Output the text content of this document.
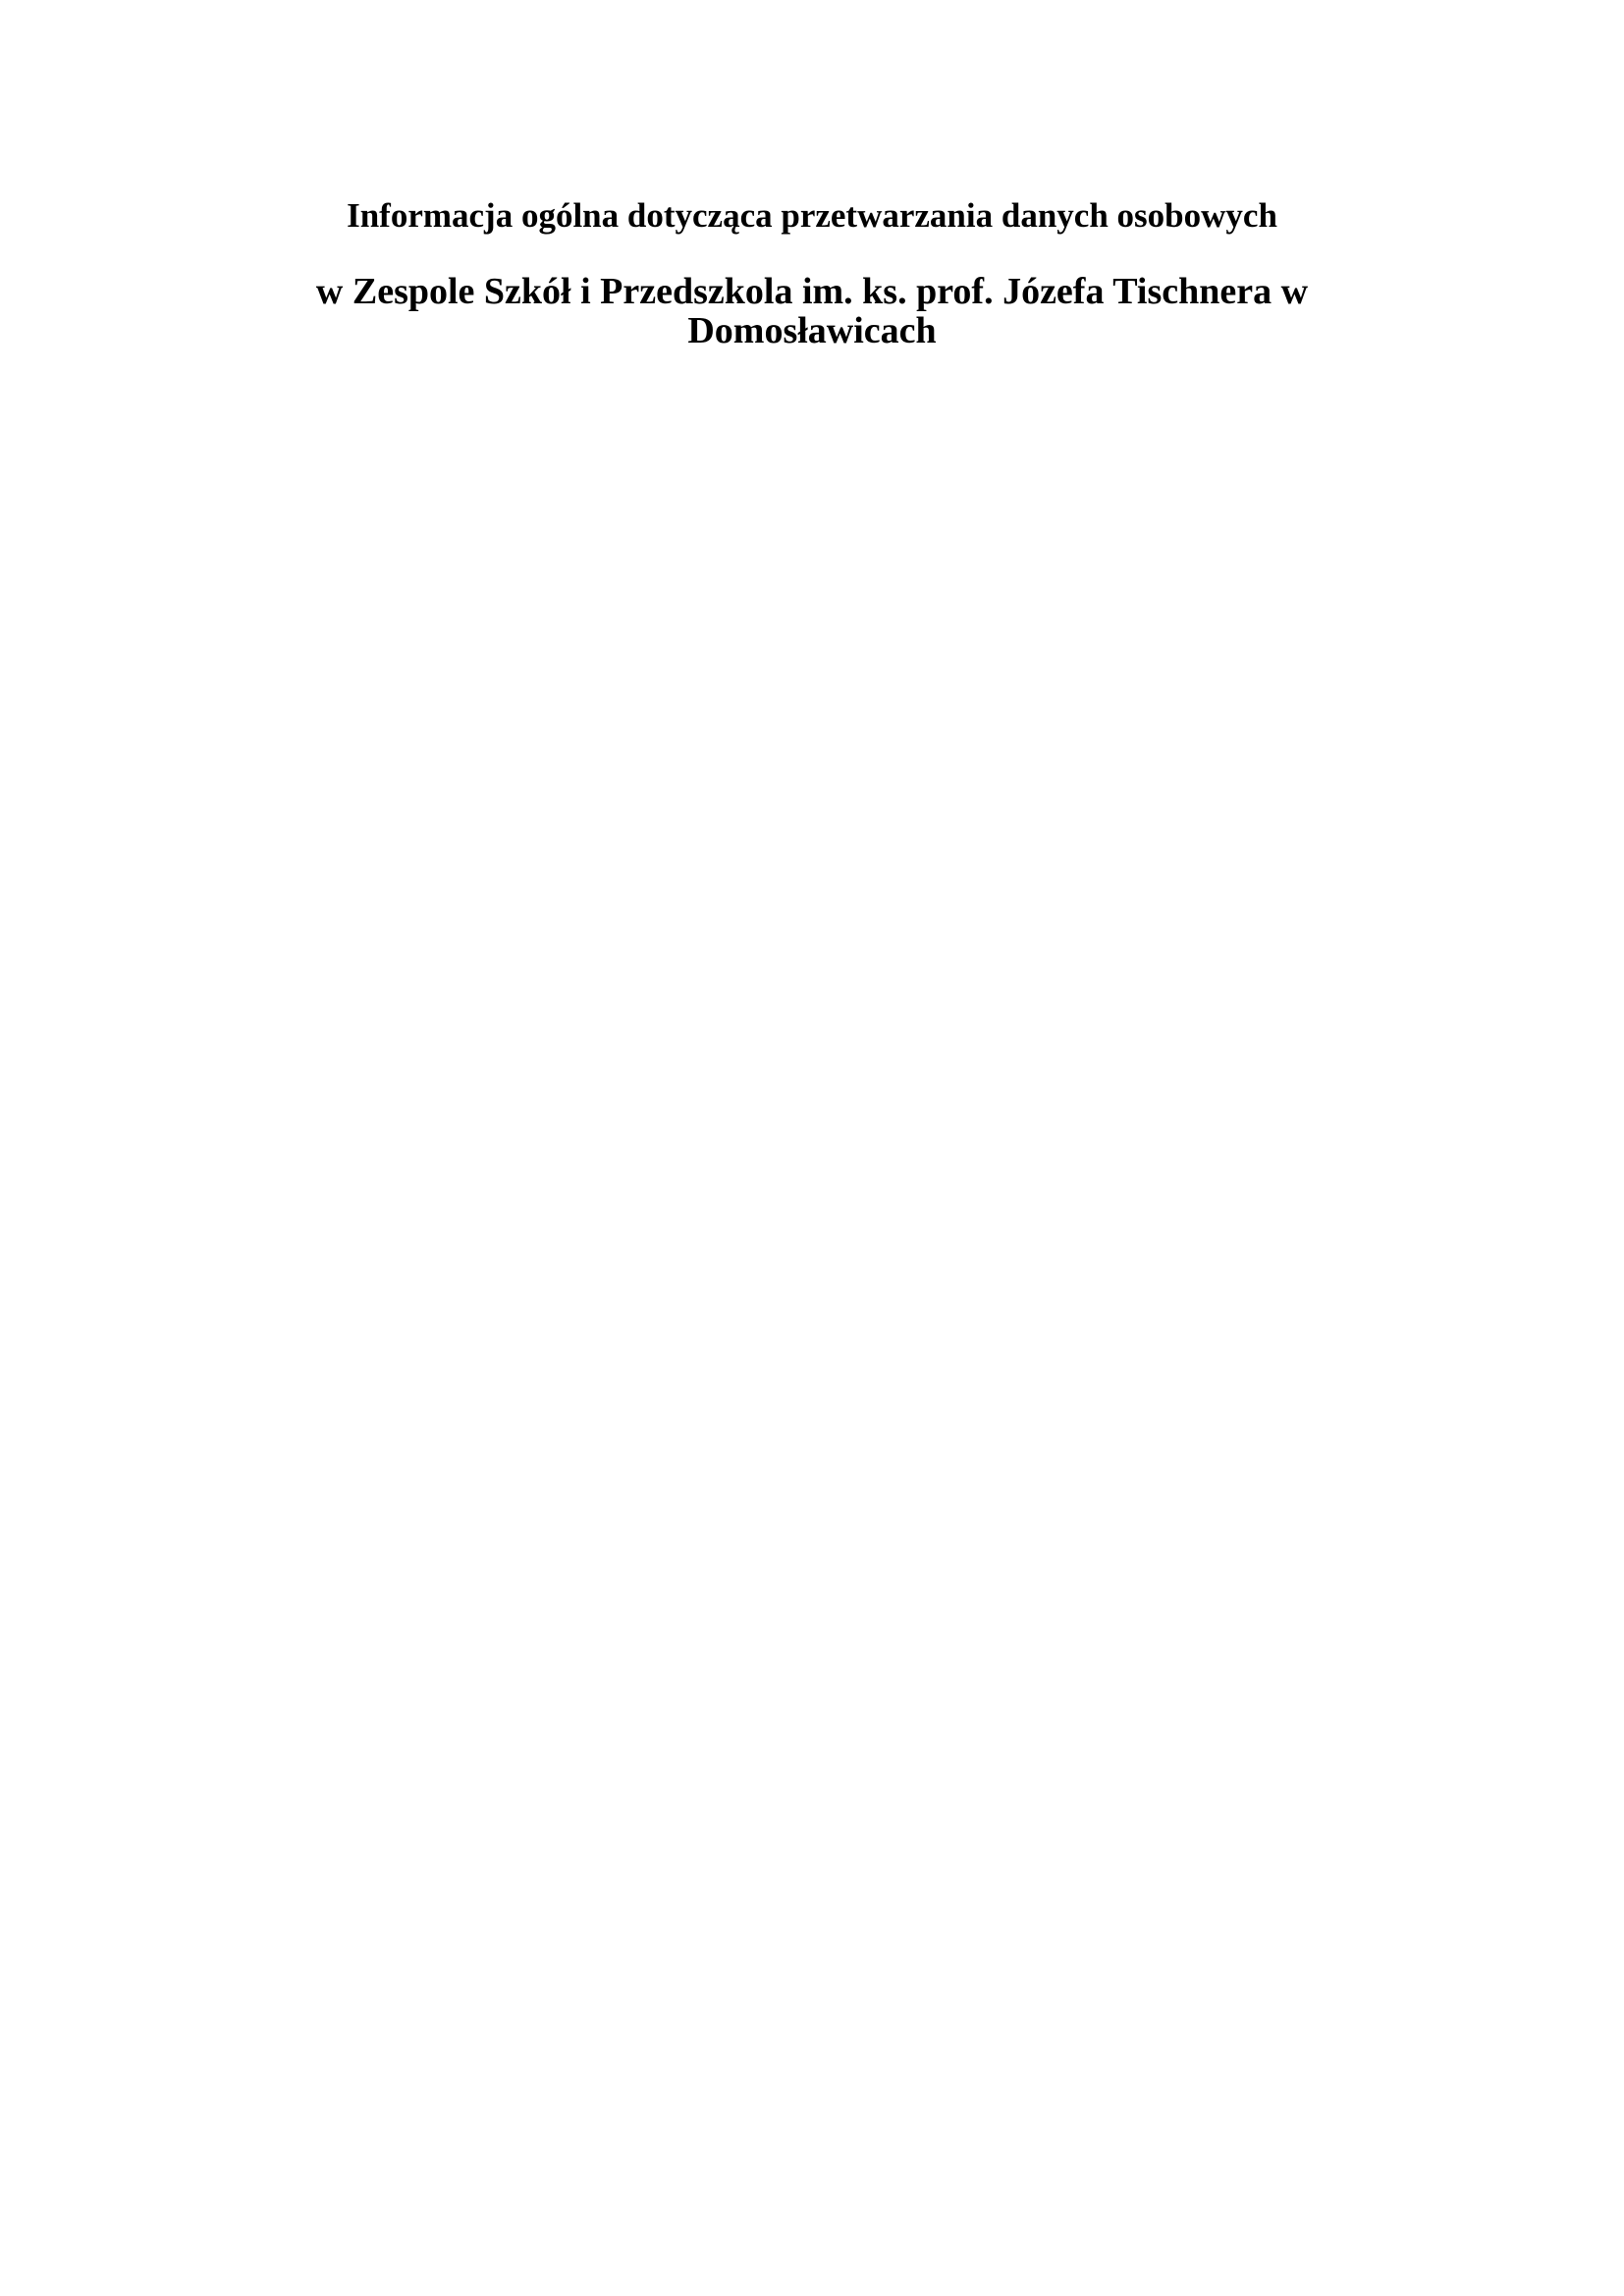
Informacja ogólna dotycząca przetwarzania danych osobowych
w Zespole Szkół i Przedszkola im. ks. prof. Józefa Tischnera w Domosławicach
